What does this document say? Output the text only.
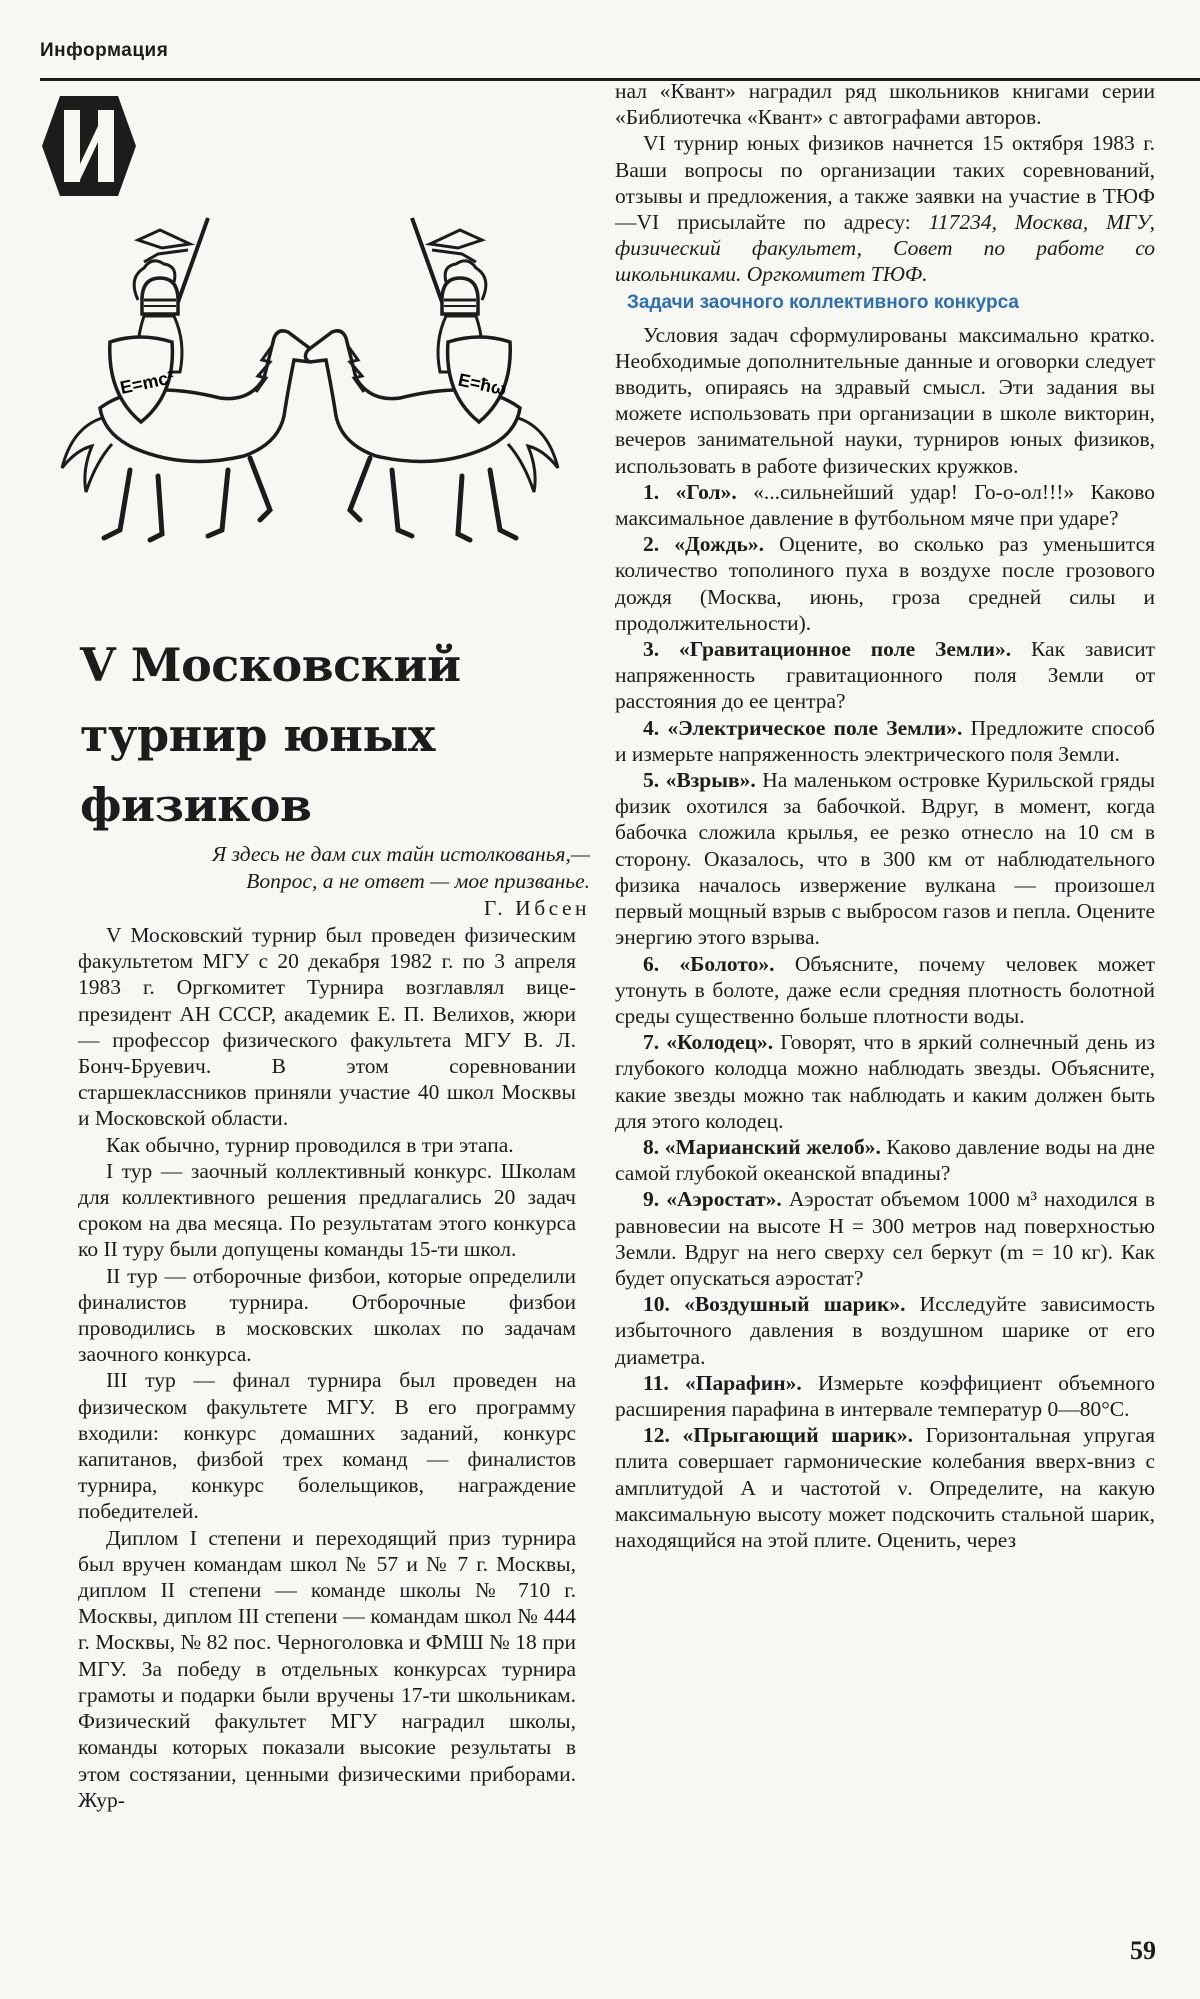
Информация
E=mc²	E=ħω
V Московский турнир юных физиков
Я здесь не дам сих тайн истолкованья,—
Вопрос, а не ответ — мое призванье.
Г. Ибсен

V Московский турнир был проведен физическим факультетом МГУ с 20 декабря 1982 г. по 3 апреля 1983 г. Оргкомитет Турнира возглавлял вице-президент АН СССР, академик Е. П. Велихов, жюри — профессор физического факультета МГУ В. Л. Бонч-Бруевич. В этом соревновании старшеклассников приняли участие 40 школ Москвы и Московской области.

Как обычно, турнир проводился в три этапа.

I тур — заочный коллективный конкурс. Школам для коллективного решения предлагались 20 задач сроком на два месяца. По результатам этого конкурса ко II туру были допущены команды 15-ти школ.

II тур — отборочные физбои, которые определили финалистов турнира. Отборочные физбои проводились в московских школах по задачам заочного конкурса.

III тур — финал турнира был проведен на физическом факультете МГУ. В его программу входили: конкурс домашних заданий, конкурс капитанов, физбой трех команд — финалистов турнира, конкурс болельщиков, награждение победителей.

Диплом I степени и переходящий приз турнира был вручен командам школ № 57 и № 7 г. Москвы, диплом II степени — команде школы № 710 г. Москвы, диплом III степени — командам школ № 444 г. Москвы, № 82 пос. Черноголовка и ФМШ № 18 при МГУ. За победу в отдельных конкурсах турнира грамоты и подарки были вручены 17-ти школьникам. Физический факультет МГУ наградил школы, команды которых показали высокие результаты в этом состязании, ценными физическими приборами. Жур-

нал «Квант» наградил ряд школьников книгами серии «Библиотечка «Квант» с автографами авторов.

VI турнир юных физиков начнется 15 октября 1983 г. Ваши вопросы по организации таких соревнований, отзывы и предложения, а также заявки на участие в ТЮФ—VI присылайте по адресу: 117234, Москва, МГУ, физический факультет, Совет по работе со школьниками. Оргкомитет ТЮФ.

Задачи заочного коллективного конкурса

Условия задач сформулированы максимально кратко. Необходимые дополнительные данные и оговорки следует вводить, опираясь на здравый смысл. Эти задания вы можете использовать при организации в школе викторин, вечеров занимательной науки, турниров юных физиков, использовать в работе физических кружков.

1. «Гол». «...сильнейший удар! Го-о-ол!!!» Каково максимальное давление в футбольном мяче при ударе?

2. «Дождь». Оцените, во сколько раз уменьшится количество тополиного пуха в воздухе после грозового дождя (Москва, июнь, гроза средней силы и продолжительности).

3. «Гравитационное поле Земли». Как зависит напряженность гравитационного поля Земли от расстояния до ее центра?

4. «Электрическое поле Земли». Предложите способ и измерьте напряженность электрического поля Земли.

5. «Взрыв». На маленьком островке Курильской гряды физик охотился за бабочкой. Вдруг, в момент, когда бабочка сложила крылья, ее резко отнесло на 10 см в сторону. Оказалось, что в 300 км от наблюдательного физика началось извержение вулкана — произошел первый мощный взрыв с выбросом газов и пепла. Оцените энергию этого взрыва.

6. «Болото». Объясните, почему человек может утонуть в болоте, даже если средняя плотность болотной среды существенно больше плотности воды.

7. «Колодец». Говорят, что в яркий солнечный день из глубокого колодца можно наблюдать звезды. Объясните, какие звезды можно так наблюдать и каким должен быть для этого колодец.

8. «Марианский желоб». Каково давление воды на дне самой глубокой океанской впадины?

9. «Аэростат». Аэростат объемом 1000 м³ находился в равновесии на высоте H = 300 метров над поверхностью Земли. Вдруг на него сверху сел беркут (m = 10 кг). Как будет опускаться аэростат?

10. «Воздушный шарик». Исследуйте зависимость избыточного давления в воздушном шарике от его диаметра.

11. «Парафин». Измерьте коэффициент объемного расширения парафина в интервале температур 0—80°С.

12. «Прыгающий шарик». Горизонтальная упругая плита совершает гармонические колебания вверх-вниз с амплитудой A и частотой ν. Определите, на какую максимальную высоту может подскочить стальной шарик, находящийся на этой плите. Оценить, через

59
